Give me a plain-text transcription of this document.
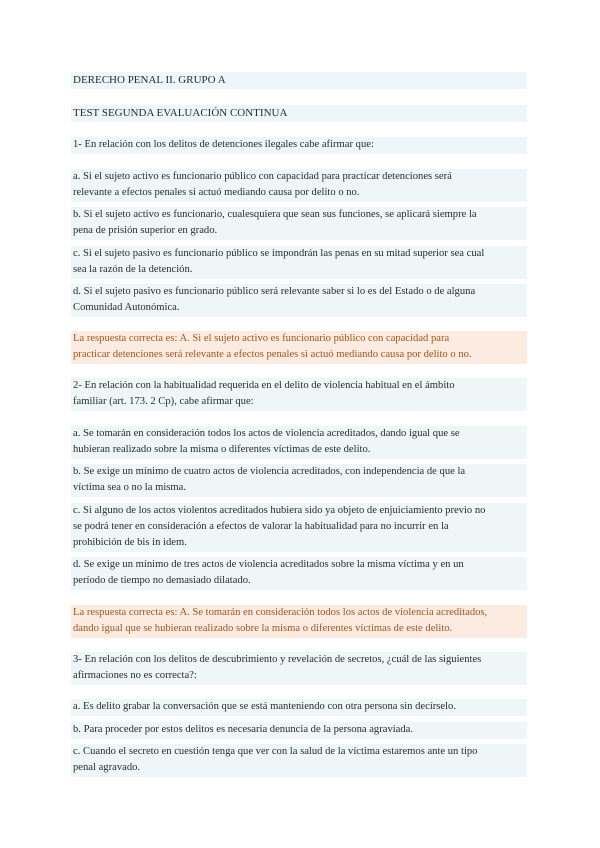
DERECHO PENAL II. GRUPO A
TEST SEGUNDA EVALUACIÓN CONTINUA
1- En relación con los delitos de detenciones ilegales cabe afirmar que:
a. Si el sujeto activo es funcionario público con capacidad para practicar detenciones será
relevante a efectos penales si actuó mediando causa por delito o no.
b. Si el sujeto activo es funcionario, cualesquiera que sean sus funciones, se aplicará siempre la
pena de prisión superior en grado.
c. Si el sujeto pasivo es funcionario público se impondrán las penas en su mitad superior sea cual
sea la razón de la detención.
d. Si el sujeto pasivo es funcionario público será relevante saber si lo es del Estado o de alguna
Comunidad Autonómica.
La respuesta correcta es: A. Si el sujeto activo es funcionario público con capacidad para
practicar detenciones será relevante a efectos penales si actuó mediando causa por delito o no.
2- En relación con la habitualidad requerida en el delito de violencia habitual en el ámbito
familiar (art. 173. 2 Cp), cabe afirmar que:
a. Se tomarán en consideración todos los actos de violencia acreditados, dando igual que se
hubieran realizado sobre la misma o diferentes víctimas de este delito.
b. Se exige un mínimo de cuatro actos de violencia acreditados, con independencia de que la
víctima sea o no la misma.
c. Si alguno de los actos violentos acreditados hubiera sido ya objeto de enjuiciamiento previo no
se podrá tener en consideración a efectos de valorar la habitualidad para no incurrir en la
prohibición de bis in idem.
d. Se exige un mínimo de tres actos de violencia acreditados sobre la misma víctima y en un
período de tiempo no demasiado dilatado.
La respuesta correcta es: A. Se tomarán en consideración todos los actos de violencia acreditados,
dando igual que se hubieran realizado sobre la misma o diferentes víctimas de este delito.
3- En relación con los delitos de descubrimiento y revelación de secretos, ¿cuál de las siguientes
afirmaciones no es correcta?:
a. Es delito grabar la conversación que se está manteniendo con otra persona sin decírselo.
b. Para proceder por estos delitos es necesaria denuncia de la persona agraviada.
c. Cuando el secreto en cuestión tenga que ver con la salud de la víctima estaremos ante un tipo
penal agravado.
